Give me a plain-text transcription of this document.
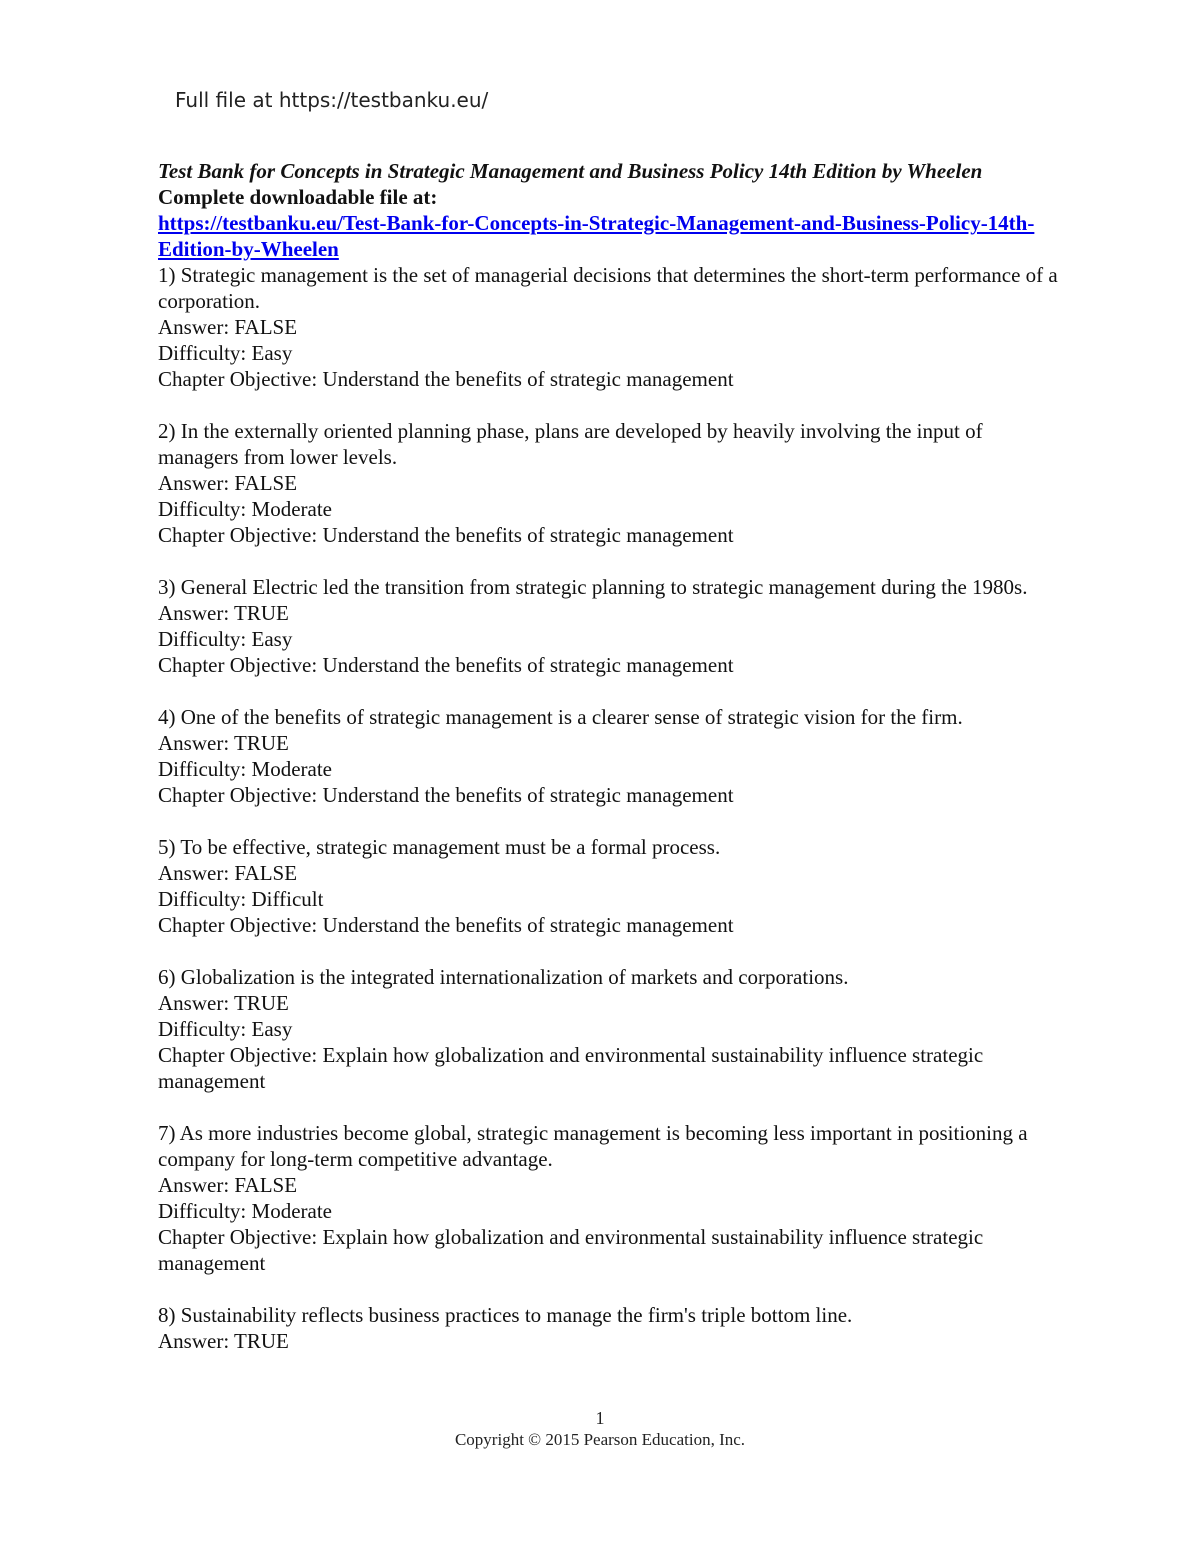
Full file at https://testbanku.eu/
Test Bank for Concepts in Strategic Management and Business Policy 14th Edition by Wheelen
Complete downloadable file at:
https://testbanku.eu/Test-Bank-for-Concepts-in-Strategic-Management-and-Business-Policy-14th-Edition-by-Wheelen
1) Strategic management is the set of managerial decisions that determines the short-term performance of a corporation.
Answer: FALSE
Difficulty: Easy
Chapter Objective: Understand the benefits of strategic management
2) In the externally oriented planning phase, plans are developed by heavily involving the input of managers from lower levels.
Answer: FALSE
Difficulty: Moderate
Chapter Objective: Understand the benefits of strategic management
3) General Electric led the transition from strategic planning to strategic management during the 1980s.
Answer: TRUE
Difficulty: Easy
Chapter Objective: Understand the benefits of strategic management
4) One of the benefits of strategic management is a clearer sense of strategic vision for the firm.
Answer: TRUE
Difficulty: Moderate
Chapter Objective: Understand the benefits of strategic management
5) To be effective, strategic management must be a formal process.
Answer: FALSE
Difficulty: Difficult
Chapter Objective: Understand the benefits of strategic management
6) Globalization is the integrated internationalization of markets and corporations.
Answer: TRUE
Difficulty: Easy
Chapter Objective: Explain how globalization and environmental sustainability influence strategic management
7) As more industries become global, strategic management is becoming less important in positioning a company for long-term competitive advantage.
Answer: FALSE
Difficulty: Moderate
Chapter Objective: Explain how globalization and environmental sustainability influence strategic management
8) Sustainability reflects business practices to manage the firm's triple bottom line.
Answer: TRUE
1
Copyright © 2015 Pearson Education, Inc.
